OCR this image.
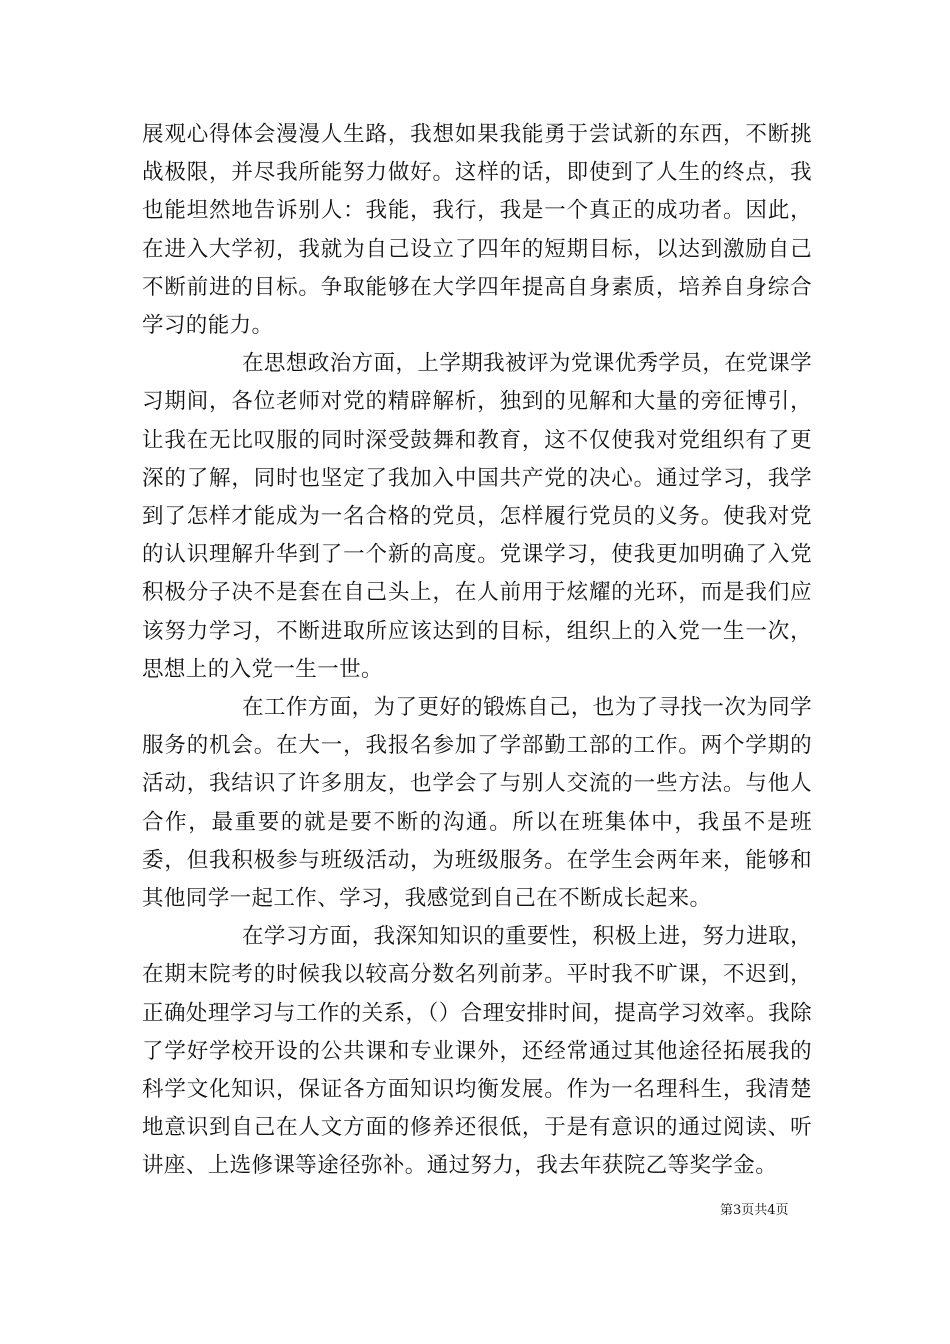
展观心得体会漫漫人生路，我想如果我能勇于尝试新的东西，不断挑战极限，并尽我所能努力做好。这样的话，即使到了人生的终点，我也能坦然地告诉别人：我能，我行，我是一个真正的成功者。因此，在进入大学初，我就为自己设立了四年的短期目标，以达到激励自己不断前进的目标。争取能够在大学四年提高自身素质，培养自身综合学习的能力。

在思想政治方面，上学期我被评为党课优秀学员，在党课学习期间，各位老师对党的精辟解析，独到的见解和大量的旁征博引，让我在无比叹服的同时深受鼓舞和教育，这不仅使我对党组织有了更深的了解，同时也坚定了我加入中国共产党的决心。通过学习，我学到了怎样才能成为一名合格的党员，怎样履行党员的义务。使我对党的认识理解升华到了一个新的高度。党课学习，使我更加明确了入党积极分子决不是套在自己头上，在人前用于炫耀的光环，而是我们应该努力学习，不断进取所应该达到的目标，组织上的入党一生一次，思想上的入党一生一世。

在工作方面，为了更好的锻炼自己，也为了寻找一次为同学服务的机会。在大一，我报名参加了学部勤工部的工作。两个学期的活动，我结识了许多朋友，也学会了与别人交流的一些方法。与他人合作，最重要的就是要不断的沟通。所以在班集体中，我虽不是班委，但我积极参与班级活动，为班级服务。在学生会两年来，能够和其他同学一起工作、学习，我感觉到自己在不断成长起来。

在学习方面，我深知知识的重要性，积极上进，努力进取，在期末院考的时候我以较高分数名列前茅。平时我不旷课，不迟到，正确处理学习与工作的关系，（）合理安排时间，提高学习效率。我除了学好学校开设的公共课和专业课外，还经常通过其他途径拓展我的科学文化知识，保证各方面知识均衡发展。作为一名理科生，我清楚地意识到自己在人文方面的修养还很低，于是有意识的通过阅读、听讲座、上选修课等途径弥补。通过努力，我去年获院乙等奖学金。

第3页共4页
